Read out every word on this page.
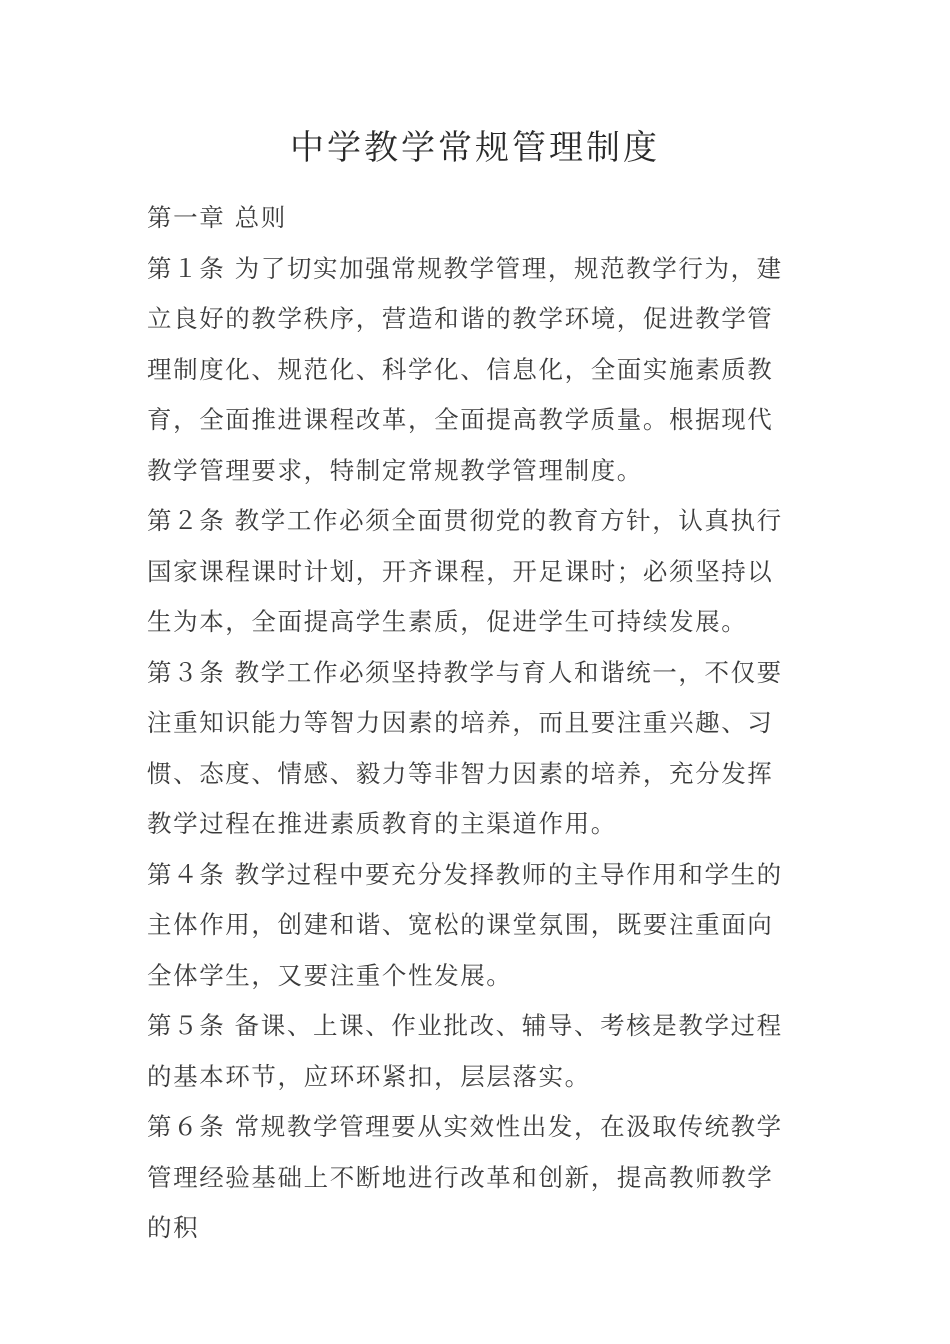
中学教学常规管理制度

第一章 总则

第１条 为了切实加强常规教学管理，规范教学行为，建立良好的教学秩序，营造和谐的教学环境，促进教学管理制度化、规范化、科学化、信息化，全面实施素质教育，全面推进课程改革，全面提高教学质量。根据现代教学管理要求，特制定常规教学管理制度。

第２条 教学工作必须全面贯彻党的教育方针，认真执行国家课程课时计划，开齐课程，开足课时；必须坚持以生为本，全面提高学生素质，促进学生可持续发展。

第３条 教学工作必须坚持教学与育人和谐统一，不仅要注重知识能力等智力因素的培养，而且要注重兴趣、习惯、态度、情感、毅力等非智力因素的培养，充分发挥教学过程在推进素质教育的主渠道作用。

第４条 教学过程中要充分发择教师的主导作用和学生的主体作用，创建和谐、宽松的课堂氛围，既要注重面向全体学生，又要注重个性发展。

第５条 备课、上课、作业批改、辅导、考核是教学过程的基本环节，应环环紧扣，层层落实。

第６条 常规教学管理要从实效性出发，在汲取传统教学管理经验基础上不断地进行改革和创新，提高教师教学的积
